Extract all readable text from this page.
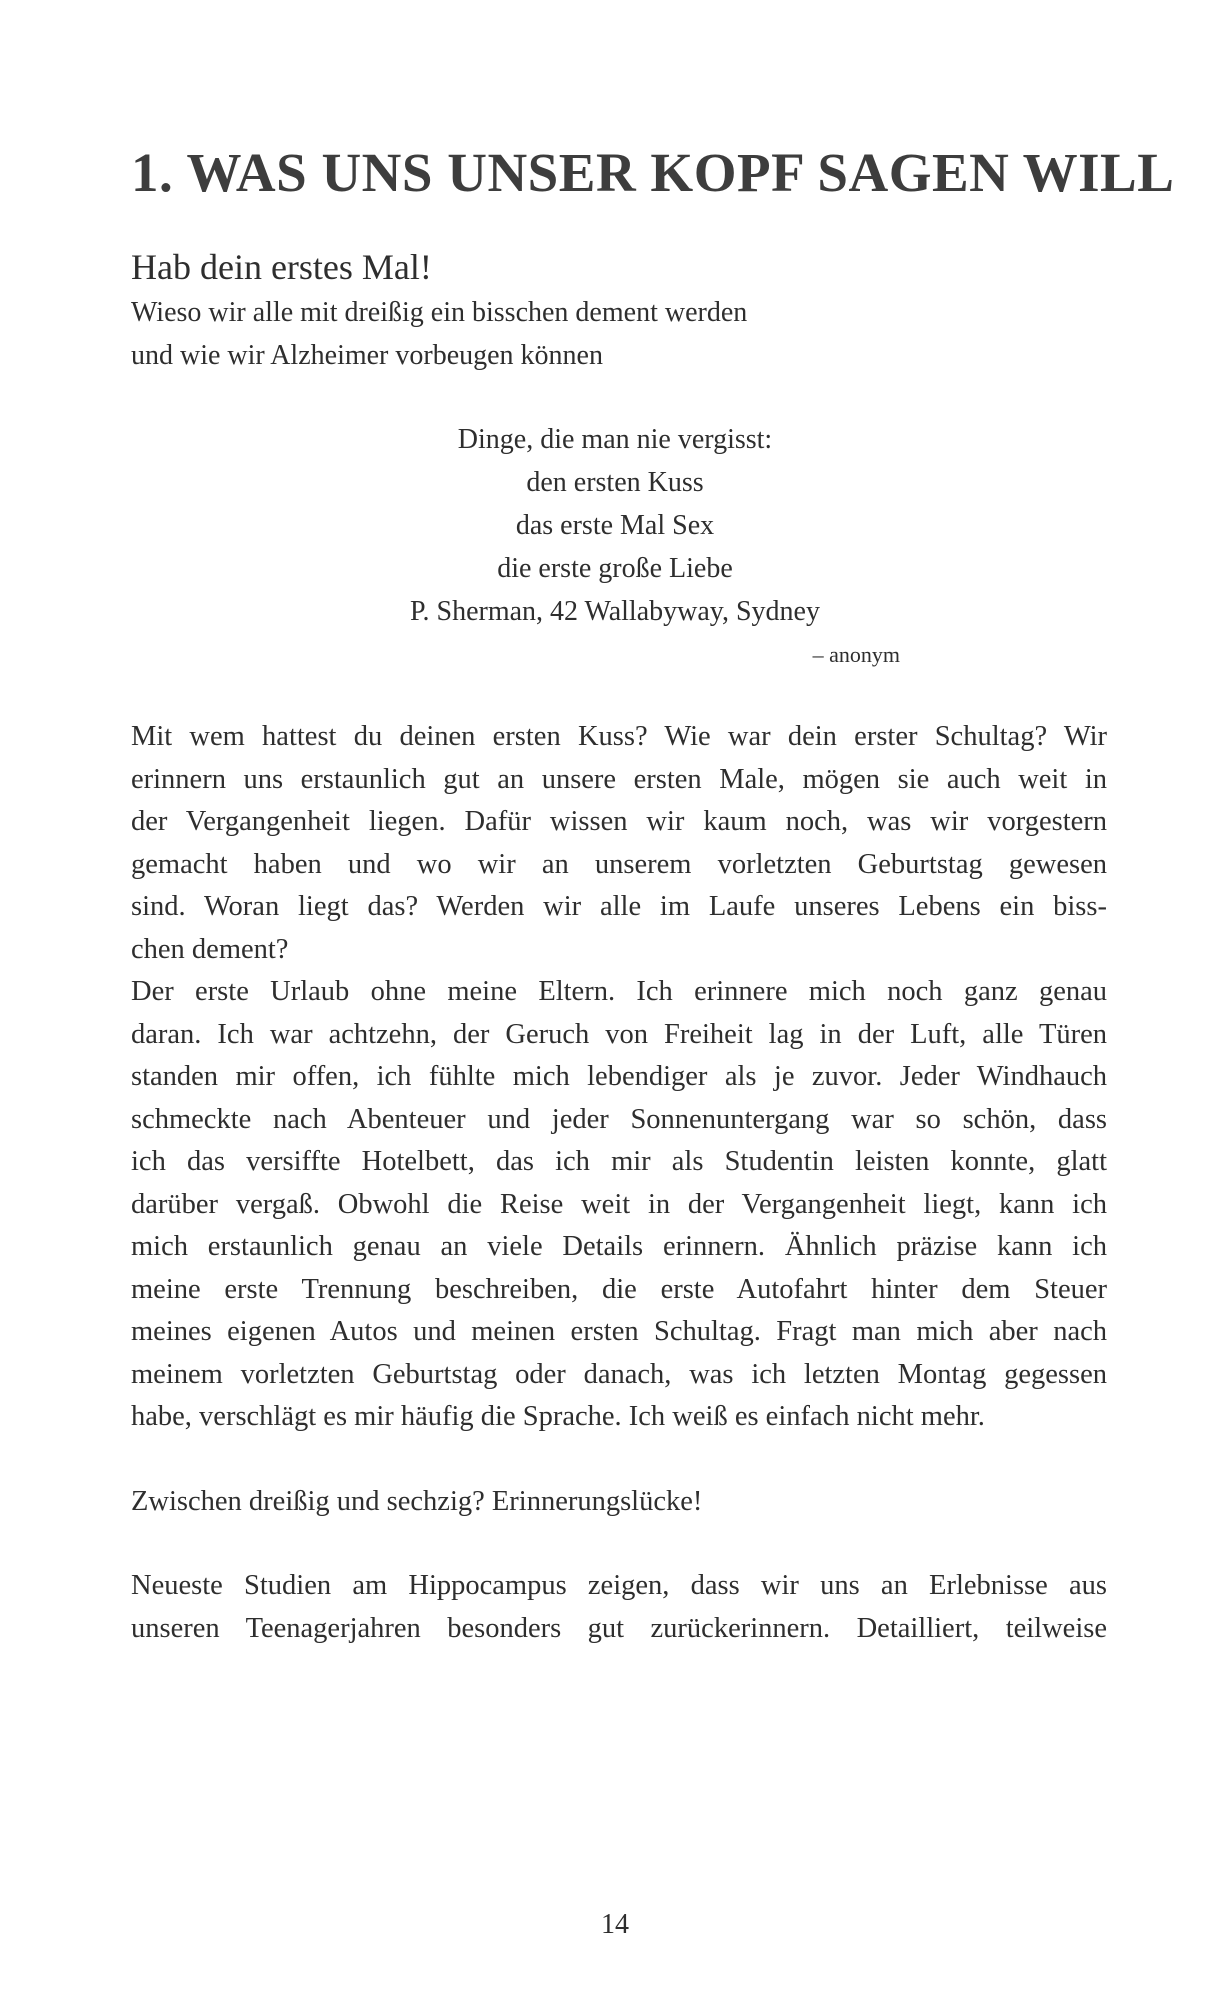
1. WAS UNS UNSER KOPF SAGEN WILL
Hab dein erstes Mal!
Wieso wir alle mit dreißig ein bisschen dement werden
und wie wir Alzheimer vorbeugen können
Dinge, die man nie vergisst:
den ersten Kuss
das erste Mal Sex
die erste große Liebe
P. Sherman, 42 Wallabyway, Sydney
– anonym

Mit wem hattest du deinen ersten Kuss? Wie war dein erster Schultag? Wir
erinnern uns erstaunlich gut an unsere ersten Male, mögen sie auch weit in
der Vergangenheit liegen. Dafür wissen wir kaum noch, was wir vorgestern
gemacht haben und wo wir an unserem vorletzten Geburtstag gewesen
sind. Woran liegt das? Werden wir alle im Laufe unseres Lebens ein biss-
chen dement?

Der erste Urlaub ohne meine Eltern. Ich erinnere mich noch ganz genau
daran. Ich war achtzehn, der Geruch von Freiheit lag in der Luft, alle Türen
standen mir offen, ich fühlte mich lebendiger als je zuvor. Jeder Windhauch
schmeckte nach Abenteuer und jeder Sonnenuntergang war so schön, dass
ich das versiffte Hotelbett, das ich mir als Studentin leisten konnte, glatt
darüber vergaß. Obwohl die Reise weit in der Vergangenheit liegt, kann ich
mich erstaunlich genau an viele Details erinnern. Ähnlich präzise kann ich
meine erste Trennung beschreiben, die erste Autofahrt hinter dem Steuer
meines eigenen Autos und meinen ersten Schultag. Fragt man mich aber nach
meinem vorletzten Geburtstag oder danach, was ich letzten Montag gegessen
habe, verschlägt es mir häufig die Sprache. Ich weiß es einfach nicht mehr.

Zwischen dreißig und sechzig? Erinnerungslücke!

Neueste Studien am Hippocampus zeigen, dass wir uns an Erlebnisse aus
unseren Teenagerjahren besonders gut zurückerinnern. Detailliert, teilweise

14
